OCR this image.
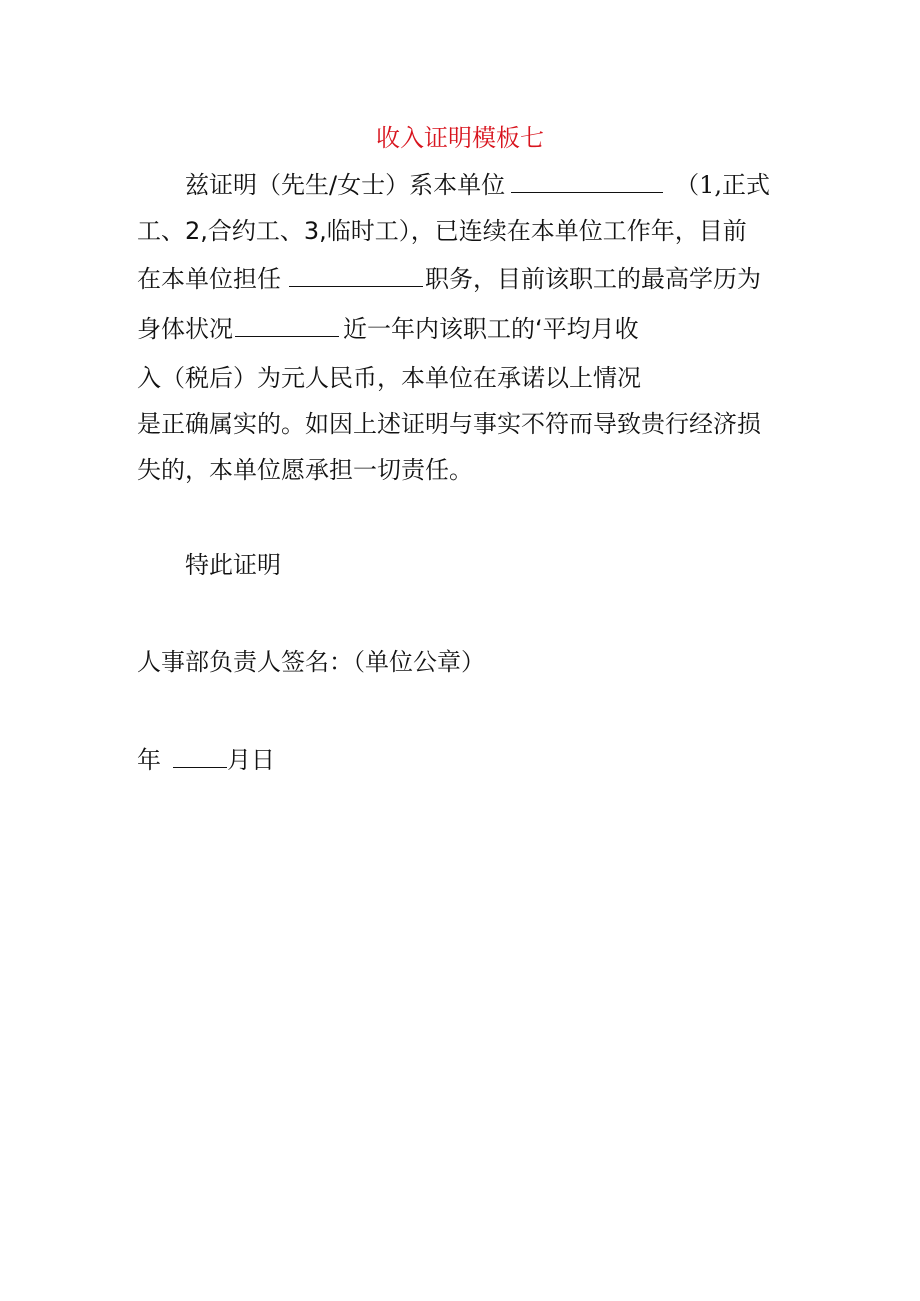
收入证明模板七
兹证明（先生/女士）系本单位	（1,正式
工、2,合约工、3,临时工），已连续在本单位工作年，目前
在本单位担任	职务，目前该职工的最高学历为
身体状况	近一年内该职工的‘平均月收
入（税后）为元人民币，本单位在承诺以上情况
是正确属实的。如因上述证明与事实不符而导致贵行经济损
失的，本单位愿承担一切责任。
特此证明
人事部负责人签名：（单位公章）
年	月日
